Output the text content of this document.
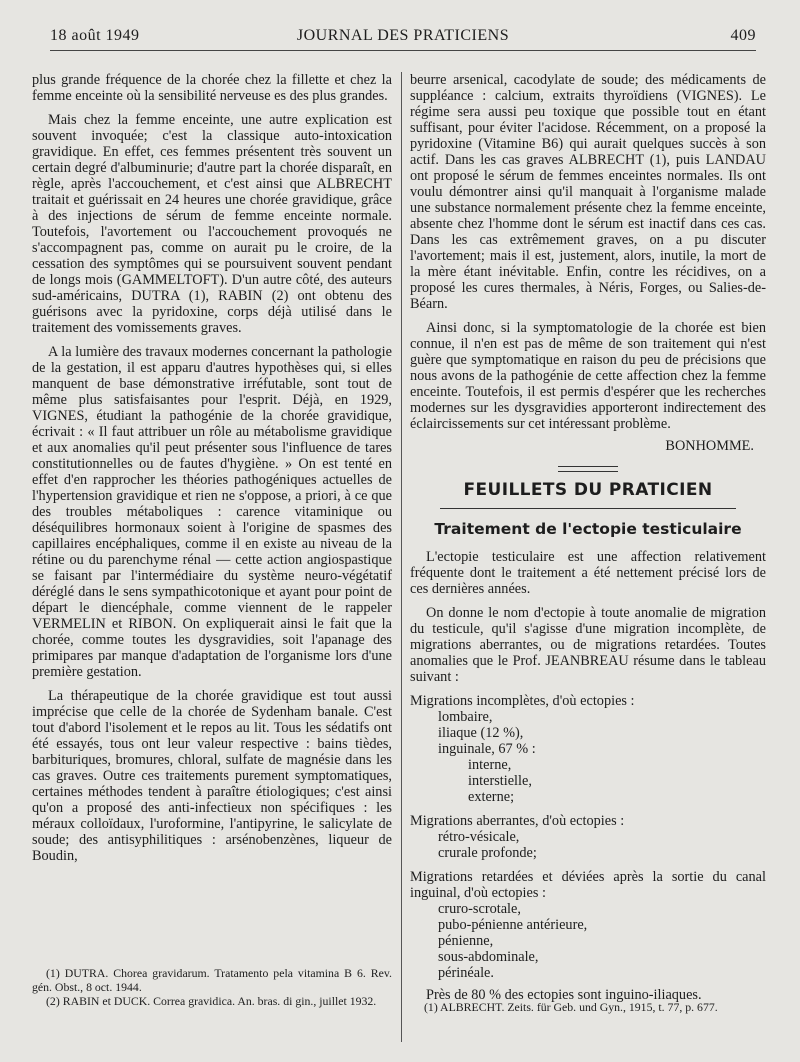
18 août 1949	JOURNAL DES PRATICIENS	409

plus grande fréquence de la chorée chez la fillette et chez la femme enceinte où la sensibilité nerveuse es des plus grandes.

Mais chez la femme enceinte, une autre explication est souvent invoquée; c'est la classique auto-intoxication gravidique. En effet, ces femmes présentent très souvent un certain degré d'albuminurie; d'autre part la chorée disparaît, en règle, après l'accouchement, et c'est ainsi que ALBRECHT traitait et guérissait en 24 heures une chorée gravidique, grâce à des injections de sérum de femme enceinte normale. Toutefois, l'avortement ou l'accouchement provoqués ne s'accompagnent pas, comme on aurait pu le croire, de la cessation des symptômes qui se poursuivent souvent pendant de longs mois (GAMMELTOFT). D'un autre côté, des auteurs sud-américains, DUTRA (1), RABIN (2) ont obtenu des guérisons avec la pyridoxine, corps déjà utilisé dans le traitement des vomissements graves.

A la lumière des travaux modernes concernant la pathologie de la gestation, il est apparu d'autres hypothèses qui, si elles manquent de base démonstrative irréfutable, sont tout de même plus satisfaisantes pour l'esprit. Déjà, en 1929, VIGNES, étudiant la pathogénie de la chorée gravidique, écrivait : « Il faut attribuer un rôle au métabolisme gravidique et aux anomalies qu'il peut présenter sous l'influence de tares constitutionnelles ou de fautes d'hygiène. » On est tenté en effet d'en rapprocher les théories pathogéniques actuelles de l'hypertension gravidique et rien ne s'oppose, a priori, à ce que des troubles métaboliques : carence vitaminique ou déséquilibres hormonaux soient à l'origine de spasmes des capillaires encéphaliques, comme il en existe au niveau de la rétine ou du parenchyme rénal — cette action angiospastique se faisant par l'intermédiaire du système neuro-végétatif déréglé dans le sens sympathicotonique et ayant pour point de départ le diencéphale, comme viennent de le rappeler VERMELIN et RIBON. On expliquerait ainsi le fait que la chorée, comme toutes les dysgravidies, soit l'apanage des primipares par manque d'adaptation de l'organisme lors d'une première gestation.

La thérapeutique de la chorée gravidique est tout aussi imprécise que celle de la chorée de Sydenham banale. C'est tout d'abord l'isolement et le repos au lit. Tous les sédatifs ont été essayés, tous ont leur valeur respective : bains tièdes, barbituriques, bromures, chloral, sulfate de magnésie dans les cas graves. Outre ces traitements purement symptomatiques, certaines méthodes tendent à paraître étiologiques; c'est ainsi qu'on a proposé des anti-infectieux non spécifiques : les méraux colloïdaux, l'uroformine, l'antipyrine, le salicylate de soude; des antisyphilitiques : arsénobenzènes, liqueur de Boudin,

(1) DUTRA. Chorea gravidarum. Tratamento pela vitamina B 6. Rev. gén. Obst., 8 oct. 1944.
(2) RABIN et DUCK. Correa gravidica. An. bras. di gin., juillet 1932.

beurre arsenical, cacodylate de soude; des médicaments de suppléance : calcium, extraits thyroïdiens (VIGNES). Le régime sera aussi peu toxique que possible tout en étant suffisant, pour éviter l'acidose. Récemment, on a proposé la pyridoxine (Vitamine B6) qui aurait quelques succès à son actif. Dans les cas graves ALBRECHT (1), puis LANDAU ont proposé le sérum de femmes enceintes normales. Ils ont voulu démontrer ainsi qu'il manquait à l'organisme malade une substance normalement présente chez la femme enceinte, absente chez l'homme dont le sérum est inactif dans ces cas. Dans les cas extrêmement graves, on a pu discuter l'avortement; mais il est, justement, alors, inutile, la mort de la mère étant inévitable. Enfin, contre les récidives, on a proposé les cures thermales, à Néris, Forges, ou Salies-de-Béarn.

Ainsi donc, si la symptomatologie de la chorée est bien connue, il n'en est pas de même de son traitement qui n'est guère que symptomatique en raison du peu de précisions que nous avons de la pathogénie de cette affection chez la femme enceinte. Toutefois, il est permis d'espérer que les recherches modernes sur les dysgravidies apporteront indirectement des éclaircissements sur cet intéressant problème.

BONHOMME.

FEUILLETS DU PRATICIEN
Traitement de l'ectopie testiculaire

L'ectopie testiculaire est une affection relativement fréquente dont le traitement a été nettement précisé lors de ces dernières années.

On donne le nom d'ectopie à toute anomalie de migration du testicule, qu'il s'agisse d'une migration incomplète, de migrations aberrantes, ou de migrations retardées. Toutes anomalies que le Prof. JEANBREAU résume dans le tableau suivant :

Migrations incomplètes, d'où ectopies :

lombaire,
iliaque (12 %),
inguinale, 67 % :
interne,
interstielle,
externe;

Migrations aberrantes, d'où ectopies :

rétro-vésicale,
crurale profonde;

Migrations retardées et déviées après la sortie du canal inguinal, d'où ectopies :

cruro-scrotale,
pubo-pénienne antérieure,
pénienne,
sous-abdominale,
périnéale.

Près de 80 % des ectopies sont inguino-iliaques.

(1) ALBRECHT. Zeits. für Geb. und Gyn., 1915, t. 77, p. 677.
